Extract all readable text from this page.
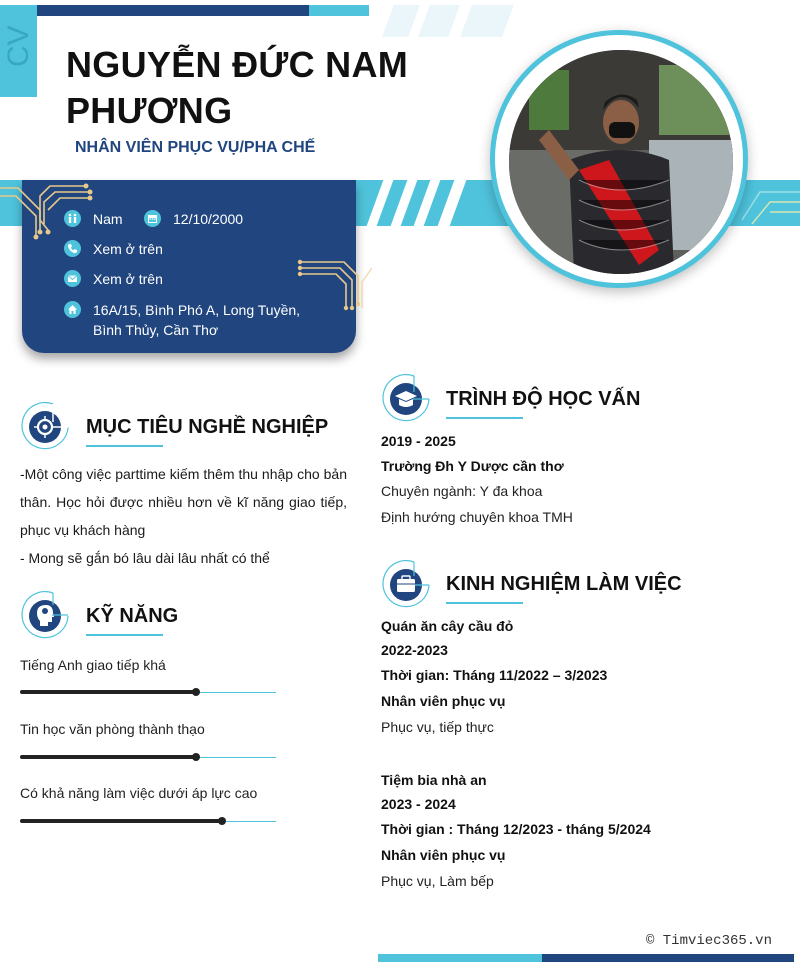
CV NGUYỄN ĐỨC NAM
PHƯƠNG
NHÂN VIÊN PHỤC VỤ/PHA CHẾ
Nam	12/10/2000
Xem ở trên
Xem ở trên
16A/15, Bình Phó A, Long Tuyền,
Bình Thủy, Cần Thơ
MỤC TIÊU NGHỀ NGHIỆP
-Một công việc parttime kiếm thêm thu nhập cho bản thân. Học hỏi được nhiều hơn về kĩ năng giao tiếp, phục vụ khách hàng
- Mong sẽ gắn bó lâu dài lâu nhất có thể
KỸ NĂNG
Tiếng Anh giao tiếp khá
Tin học văn phòng thành thạo
Có khả năng làm việc dưới áp lực cao
TRÌNH ĐỘ HỌC VẤN
2019 - 2025
Trường Đh Y Dược cần thơ
Chuyên ngành: Y đa khoa
Định hướng chuyên khoa TMH
KINH NGHIỆM LÀM VIỆC
Quán ăn cây cầu đỏ
2022-2023
Thời gian: Tháng 11/2022 – 3/2023
Nhân viên phục vụ
Phục vụ, tiếp thực
Tiệm bia nhà an
2023 - 2024
Thời gian : Tháng 12/2023 - tháng 5/2024
Nhân viên phục vụ
Phục vụ, Làm bếp
© Timviec365.vn
